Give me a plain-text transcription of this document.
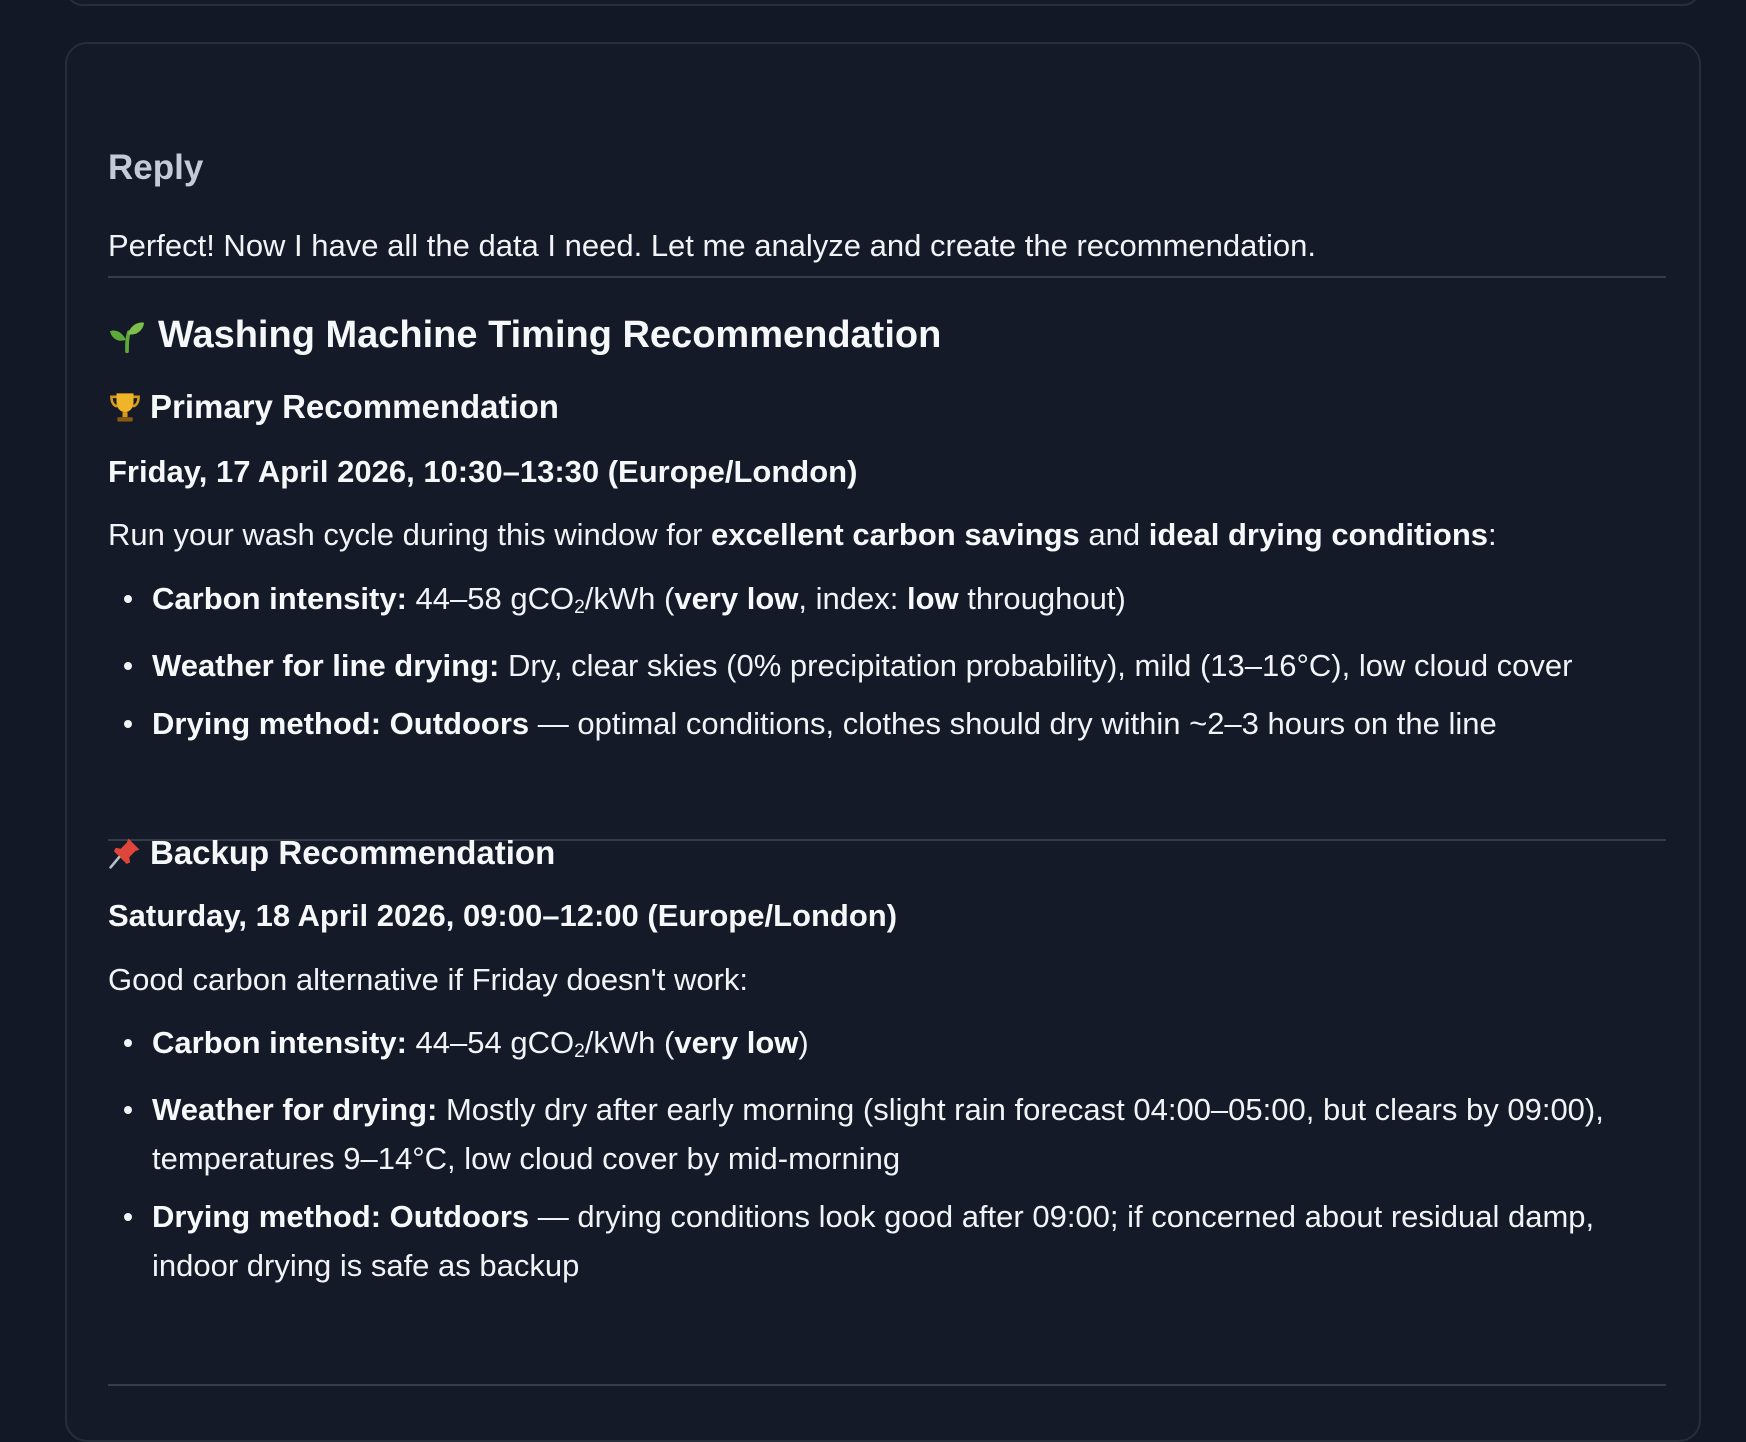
Reply
Perfect! Now I have all the data I need. Let me analyze and create the recommendation.
Washing Machine Timing Recommendation
Primary Recommendation
Friday, 17 April 2026, 10:30–13:30 (Europe/London)
Run your wash cycle during this window for excellent carbon savings and ideal drying conditions:
Carbon intensity: 44–58 gCO$_2$/kWh (very low, index: low throughout)
Weather for line drying: Dry, clear skies (0% precipitation probability), mild (13–16°C), low cloud cover
Drying method: Outdoors — optimal conditions, clothes should dry within ~2–3 hours on the line
Backup Recommendation
Saturday, 18 April 2026, 09:00–12:00 (Europe/London)
Good carbon alternative if Friday doesn't work:
Carbon intensity: 44–54 gCO$_2$/kWh (very low)
Weather for drying: Mostly dry after early morning (slight rain forecast 04:00–05:00, but clears by 09:00), temperatures 9–14°C, low cloud cover by mid-morning
Drying method: Outdoors — drying conditions look good after 09:00; if concerned about residual damp, indoor drying is safe as backup
